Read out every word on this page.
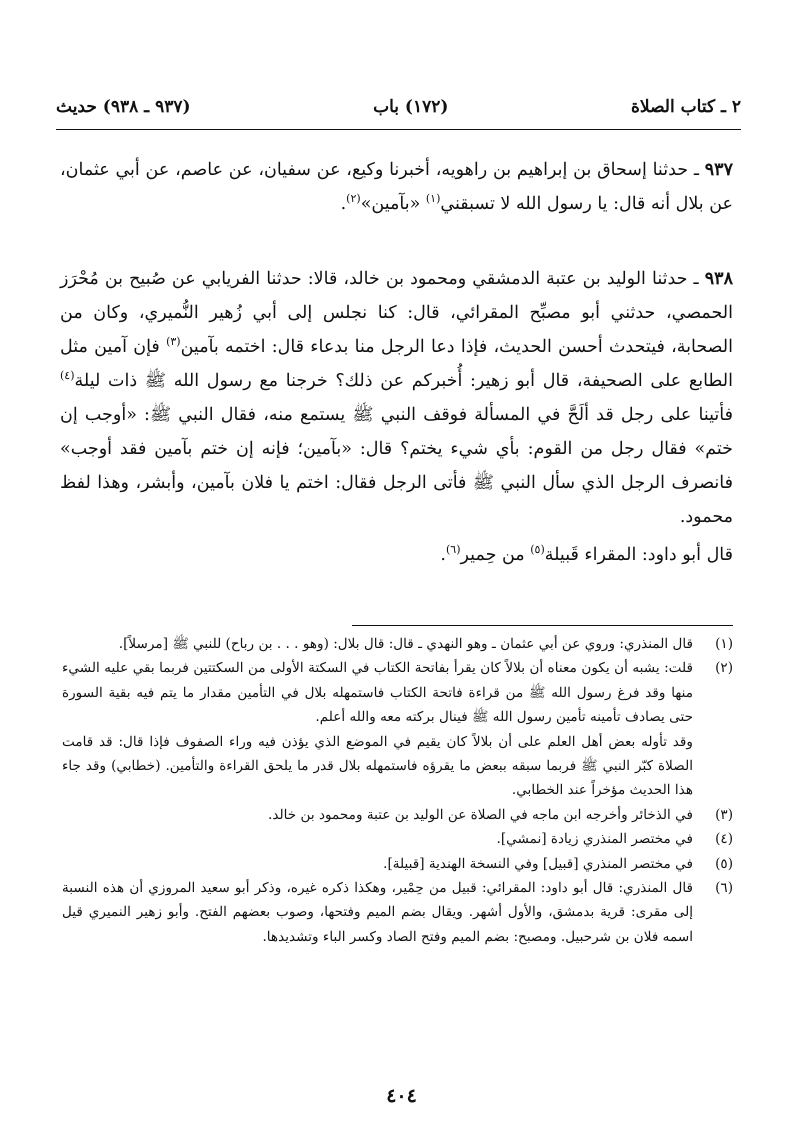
٢ ـ كتاب الصلاة
(١٧٢) باب
(٩٣٧ ـ ٩٣٨) حديث

٩٣٧ ـ حدثنا إسحاق بن إبراهيم بن راهويه، أخبرنا وكيع، عن سفيان، عن عاصم، عن أبي عثمان، عن بلال أنه قال: يا رسول الله لا تسبقني$^{(١)}$ «بآمين»$^{(٢)}$.

٩٣٨ ـ حدثنا الوليد بن عتبة الدمشقي ومحمود بن خالد، قالا: حدثنا الفريابي عن صُبيح بن مُحْرَز الحمصي، حدثني أبو مصبِّح المقرائي، قال: كنا نجلس إلى أبي زُهير النُّميري، وكان من الصحابة، فيتحدث أحسن الحديث، فإذا دعا الرجل منا بدعاء قال: اختمه بآمين$^{(٣)}$ فإن آمين مثل الطابع على الصحيفة، قال أبو زهير: أُخبركم عن ذلك؟ خرجنا مع رسول الله ﷺ ذات ليلة$^{(٤)}$ فأتينا على رجل قد ألَحَّ في المسألة فوقف النبي ﷺ يستمع منه، فقال النبي ﷺ: «أوجب إن ختم» فقال رجل من القوم: بأي شيء يختم؟ قال: «بآمين؛ فإنه إن ختم بآمين فقد أوجب» فانصرف الرجل الذي سأل النبي ﷺ فأتى الرجل فقال: اختم يا فلان بآمين، وأبشر، وهذا لفظ محمود.

قال أبو داود: المقراء قَبيلة$^{(٥)}$ من حِمير$^{(٦)}$.

(١)

قال المنذري: وروي عن أبي عثمان ـ وهو النهدي ـ قال: قال بلال: (وهو . . . بن رباح) للنبي ﷺ [مرسلاً].

(٢)

قلت: يشبه أن يكون معناه أن بلالاً كان يقرأ بفاتحة الكتاب في السكتة الأولى من السكتتين فربما بقي عليه الشيء منها وقد فرغ رسول الله ﷺ من قراءة فاتحة الكتاب فاستمهله بلال في التأمين مقدار ما يتم فيه بقية السورة حتى يصادف تأمينه تأمين رسول الله ﷺ فينال بركته معه والله أعلم.

وقد تأوله بعض أهل العلم على أن بلالاً كان يقيم في الموضع الذي يؤذن فيه وراء الصفوف فإذا قال: قد قامت الصلاة كبّر النبي ﷺ فربما سبقه ببعض ما يقرؤه فاستمهله بلال قدر ما يلحق القراءة والتأمين. (خطابي) وقد جاء هذا الحديث مؤخراً عند الخطابي.

(٣)

في الذخائر وأخرجه ابن ماجه في الصلاة عن الوليد بن عتبة ومحمود بن خالد.

(٤)

في مختصر المنذري زيادة [نمشي].

(٥)

في مختصر المنذري [قبيل] وفي النسخة الهندية [قبيلة].

(٦)

قال المنذري: قال أبو داود: المقرائي: قبيل من حِمْير، وهكذا ذكره غيره، وذكر أبو سعيد المروزي أن هذه النسبة إلى مقرى: قرية بدمشق، والأول أشهر. ويقال بضم الميم وفتحها، وصوب بعضهم الفتح. وأبو زهير النميري قيل اسمه فلان بن شرحبيل. ومصبح: بضم الميم وفتح الصاد وكسر الباء وتشديدها.

٤٠٤
